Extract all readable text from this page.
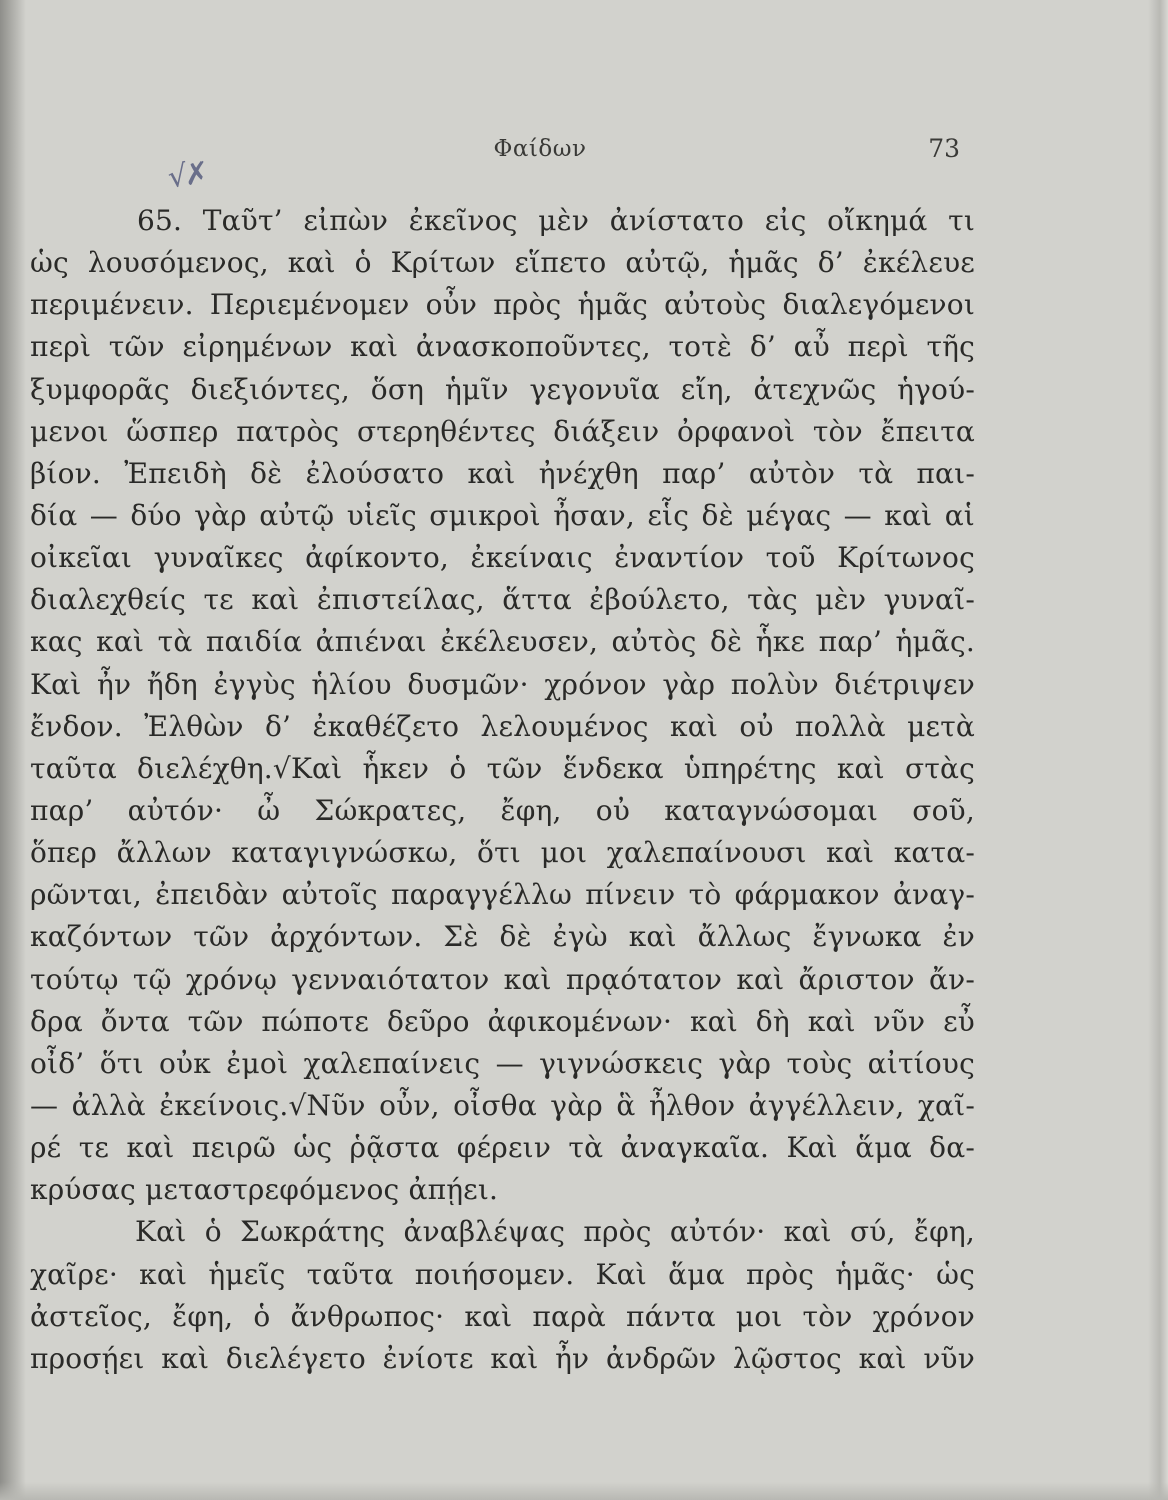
Φαίδων	73
√✗
65. Ταῦτ’ εἰπὼν ἐκεῖνος μὲν ἀνίστατο εἰς οἴκημά τι
ὡς λουσόμενος, καὶ ὁ Κρίτων εἵπετο αὐτῷ, ἡμᾶς δ’ ἐκέλευε
περιμένειν. Περιεμένομεν οὖν πρὸς ἡμᾶς αὐτοὺς διαλεγόμενοι
περὶ τῶν εἰρημένων καὶ ἀνασκοποῦντες, τοτὲ δ’ αὖ περὶ τῆς
ξυμφορᾶς διεξιόντες, ὅση ἡμῖν γεγονυῖα εἴη, ἀτεχνῶς ἡγού-
μενοι ὥσπερ πατρὸς στερηθέντες διάξειν ὀρφανοὶ τὸν ἔπειτα
βίον. Ἐπειδὴ δὲ ἐλούσατο καὶ ἠνέχθη παρ’ αὐτὸν τὰ παι-
δία — δύο γὰρ αὐτῷ υἱεῖς σμικροὶ ἦσαν, εἷς δὲ μέγας — καὶ αἱ
οἰκεῖαι γυναῖκες ἀφίκοντο, ἐκείναις ἐναντίον τοῦ Κρίτωνος
διαλεχθείς τε καὶ ἐπιστείλας, ἅττα ἐβούλετο, τὰς μὲν γυναῖ-
κας καὶ τὰ παιδία ἀπιέναι ἐκέλευσεν, αὐτὸς δὲ ἧκε παρ’ ἡμᾶς.
Καὶ ἦν ἤδη ἐγγὺς ἡλίου δυσμῶν· χρόνον γὰρ πολὺν διέτριψεν
ἔνδον. Ἐλθὼν δ’ ἐκαθέζετο λελουμένος καὶ οὐ πολλὰ μετὰ
ταῦτα διελέχθη.√Καὶ ἧκεν ὁ τῶν ἕνδεκα ὑπηρέτης καὶ στὰς
παρ’ αὐτόν· ὦ Σώκρατες, ἔφη, οὐ καταγνώσομαι σοῦ,
ὅπερ ἄλλων καταγιγνώσκω, ὅτι μοι χαλεπαίνουσι καὶ κατα-
ρῶνται, ἐπειδὰν αὐτοῖς παραγγέλλω πίνειν τὸ φάρμακον ἀναγ-
καζόντων τῶν ἀρχόντων. Σὲ δὲ ἐγὼ καὶ ἄλλως ἔγνωκα ἐν
τούτῳ τῷ χρόνῳ γενναιότατον καὶ πρᾳότατον καὶ ἄριστον ἄν-
δρα ὄντα τῶν πώποτε δεῦρο ἀφικομένων· καὶ δὴ καὶ νῦν εὖ
οἶδ’ ὅτι οὐκ ἐμοὶ χαλεπαίνεις — γιγνώσκεις γὰρ τοὺς αἰτίους
— ἀλλὰ ἐκείνοις.√Νῦν οὖν, οἶσθα γὰρ ἃ ἦλθον ἀγγέλλειν, χαῖ-
ρέ τε καὶ πειρῶ ὡς ῥᾷστα φέρειν τὰ ἀναγκαῖα. Καὶ ἅμα δα-
κρύσας μεταστρεφόμενος ἀπῄει.
Καὶ ὁ Σωκράτης ἀναβλέψας πρὸς αὐτόν· καὶ σύ, ἔφη,
χαῖρε· καὶ ἡμεῖς ταῦτα ποιήσομεν. Καὶ ἅμα πρὸς ἡμᾶς· ὡς
ἀστεῖος, ἔφη, ὁ ἄνθρωπος· καὶ παρὰ πάντα μοι τὸν χρόνον
προσῄει καὶ διελέγετο ἐνίοτε καὶ ἦν ἀνδρῶν λῷστος καὶ νῦν
